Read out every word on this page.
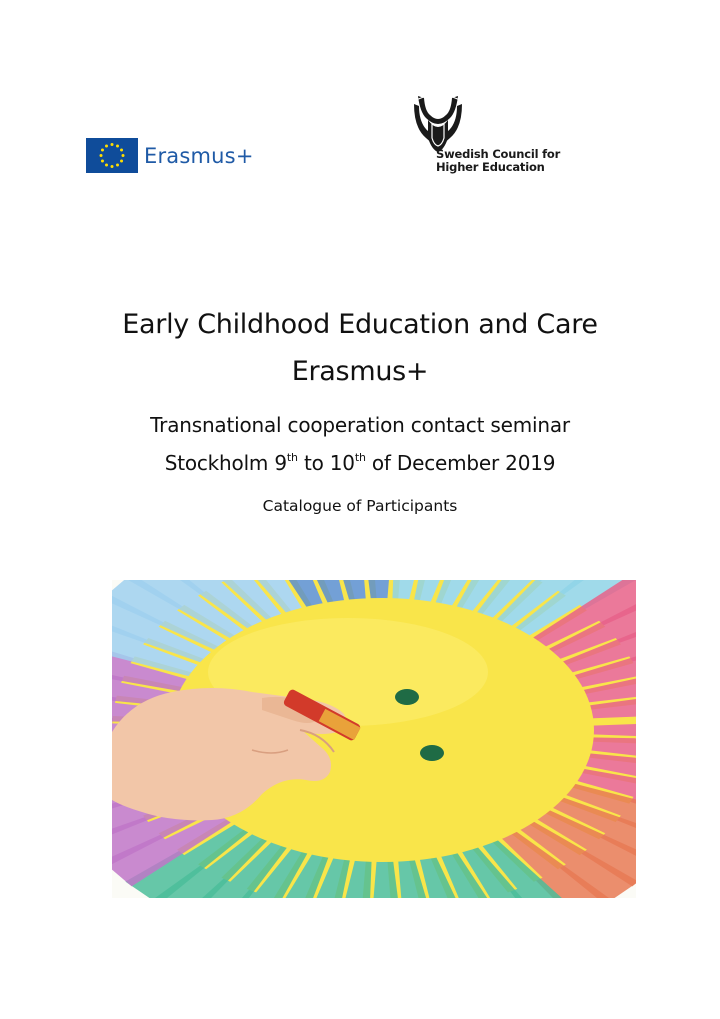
Erasmus+	Swedish Council for
Higher Education
Early Childhood Education and Care
Erasmus+
Transnational cooperation contact seminar
Stockholm 9th to 10th of December 2019
Catalogue of Participants
